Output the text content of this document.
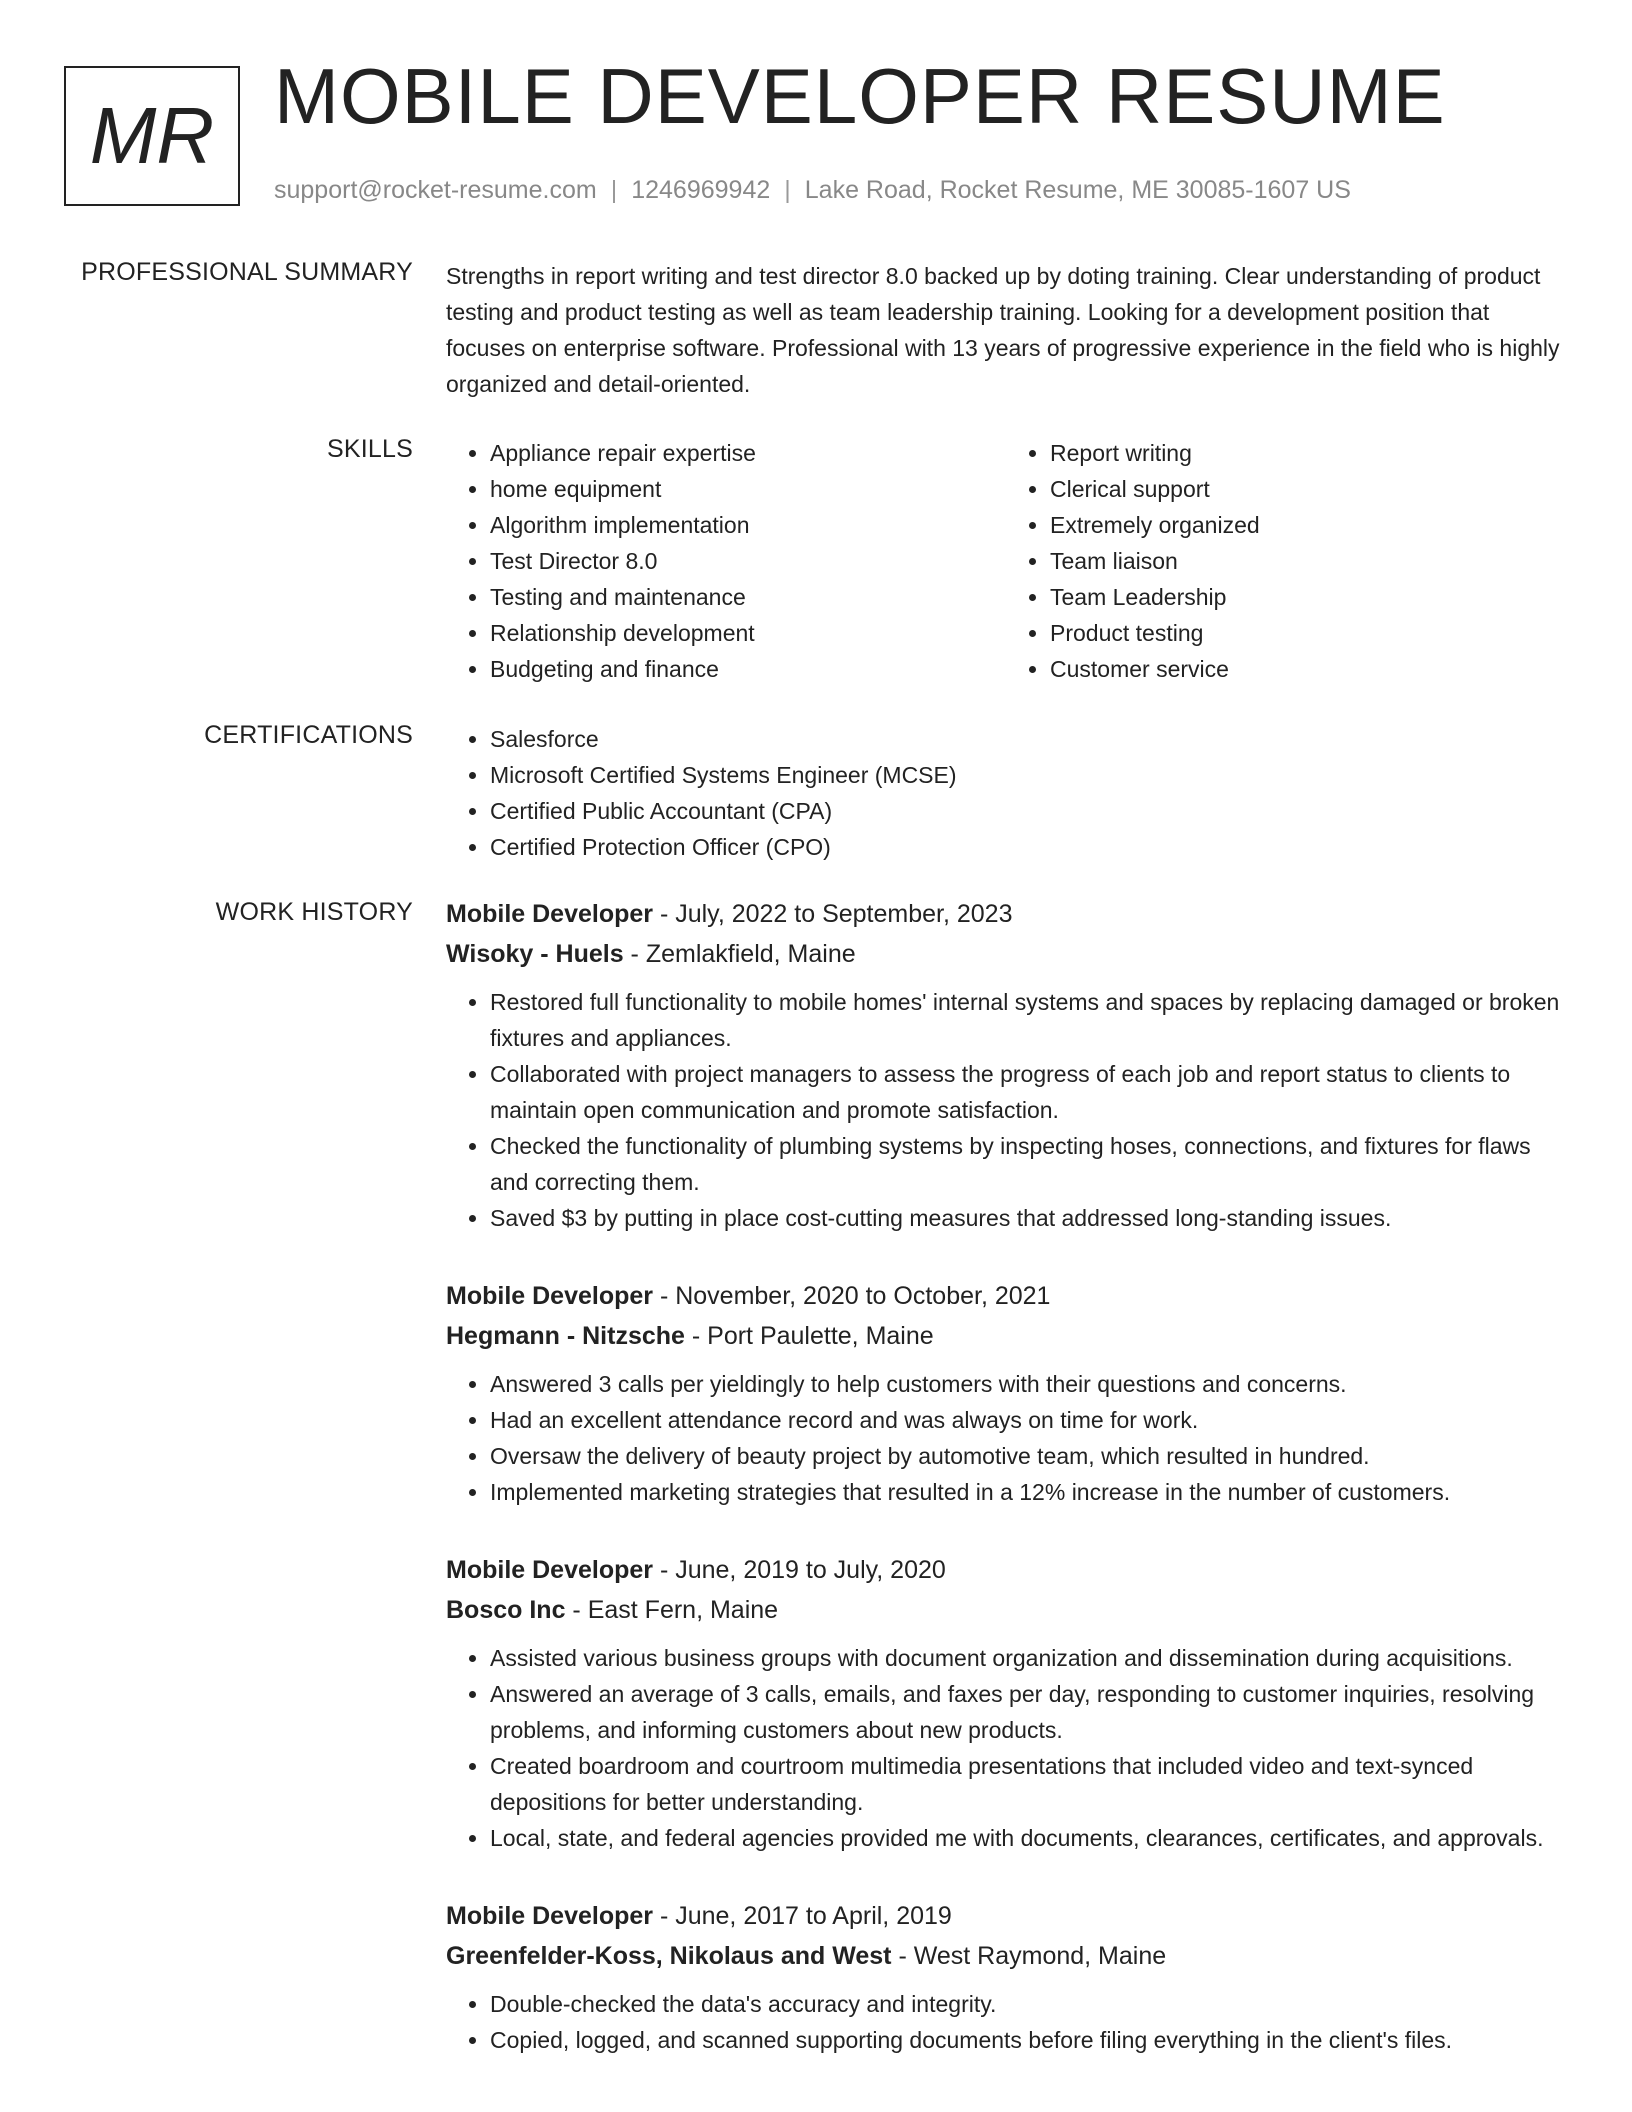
MR MOBILE DEVELOPER RESUME

support@rocket-resume.com | 1246969942 | Lake Road, Rocket Resume, ME 30085-1607 US

PROFESSIONAL SUMMARY Strengths in report writing and test director 8.0 backed up by doting training. Clear understanding of product testing and product testing as well as team leadership training. Looking for a development position that focuses on enterprise software. Professional with 13 years of progressive experience in the field who is highly organized and detail-oriented.

SKILLS	• Appliance repair expertise
• home equipment
• Algorithm implementation
• Test Director 8.0
• Testing and maintenance
• Relationship development
• Budgeting and finance
• Report writing
• Clerical support
• Extremely organized
• Team liaison
• Team Leadership
• Product testing
• Customer service
CERTIFICATIONS	• Salesforce
• Microsoft Certified Systems Engineer (MCSE)
• Certified Public Accountant (CPA)
• Certified Protection Officer (CPO)
WORK HISTORY Mobile Developer - July, 2022 to September, 2023
Wisoky - Huels - Zemlakfield, Maine
• Restored full functionality to mobile homes' internal systems and spaces by replacing damaged or broken fixtures and appliances.
• Collaborated with project managers to assess the progress of each job and report status to clients to maintain open communication and promote satisfaction.
• Checked the functionality of plumbing systems by inspecting hoses, connections, and fixtures for flaws and correcting them.
• Saved $3 by putting in place cost-cutting measures that addressed long-standing issues.
Mobile Developer - November, 2020 to October, 2021
Hegmann - Nitzsche - Port Paulette, Maine
• Answered 3 calls per yieldingly to help customers with their questions and concerns.
• Had an excellent attendance record and was always on time for work.
• Oversaw the delivery of beauty project by automotive team, which resulted in hundred.
• Implemented marketing strategies that resulted in a 12% increase in the number of customers.
Mobile Developer - June, 2019 to July, 2020
Bosco Inc - East Fern, Maine
• Assisted various business groups with document organization and dissemination during acquisitions.
• Answered an average of 3 calls, emails, and faxes per day, responding to customer inquiries, resolving problems, and informing customers about new products.
• Created boardroom and courtroom multimedia presentations that included video and text-synced depositions for better understanding.
• Local, state, and federal agencies provided me with documents, clearances, certificates, and approvals.
Mobile Developer - June, 2017 to April, 2019
Greenfelder-Koss, Nikolaus and West - West Raymond, Maine
• Double-checked the data's accuracy and integrity.
• Copied, logged, and scanned supporting documents before filing everything in the client's files.
